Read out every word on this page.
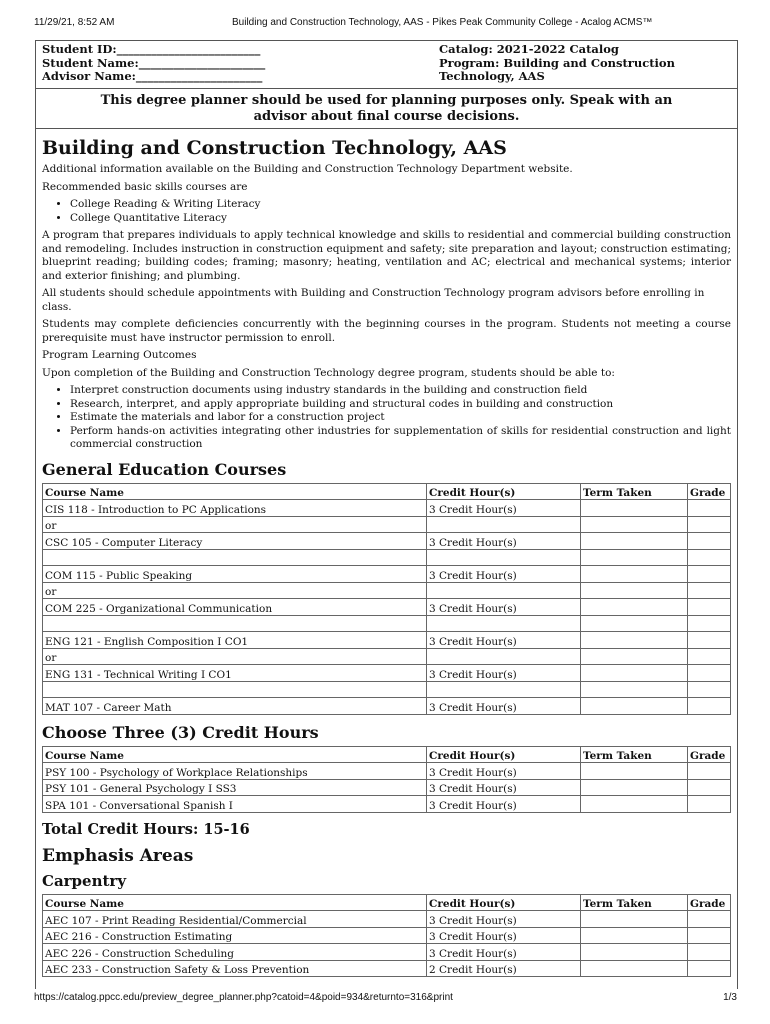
11/29/21, 8:52 AM	Building and Construction Technology, AAS - Pikes Peak Community College - Acalog ACMS™
Student ID:_________________________
Student Name:______________________
Advisor Name:______________________
Catalog: 2021-2022 Catalog
Program: Building and Construction Technology, AAS
This degree planner should be used for planning purposes only. Speak with an advisor about final course decisions.
Building and Construction Technology, AAS

Additional information available on the Building and Construction Technology Department website.

Recommended basic skills courses are

• College Reading & Writing Literacy
• College Quantitative Literacy

A program that prepares individuals to apply technical knowledge and skills to residential and commercial building construction and remodeling. Includes instruction in construction equipment and safety; site preparation and layout; construction estimating; blueprint reading; building codes; framing; masonry; heating, ventilation and AC; electrical and mechanical systems; interior and exterior finishing; and plumbing.

All students should schedule appointments with Building and Construction Technology program advisors before enrolling in class.

Students may complete deficiencies concurrently with the beginning courses in the program. Students not meeting a course prerequisite must have instructor permission to enroll.

Program Learning Outcomes

Upon completion of the Building and Construction Technology degree program, students should be able to:

• Interpret construction documents using industry standards in the building and construction field
• Research, interpret, and apply appropriate building and structural codes in building and construction
• Estimate the materials and labor for a construction project
• Perform hands-on activities integrating other industries for supplementation of skills for residential construction and light commercial construction
General Education Courses
Course Name	Credit Hour(s)	Term Taken	Grade
CIS 118 - Introduction to PC Applications	3 Credit Hour(s)		
or			
CSC 105 - Computer Literacy	3 Credit Hour(s)		

COM 115 - Public Speaking	3 Credit Hour(s)		
or			
COM 225 - Organizational Communication	3 Credit Hour(s)		

ENG 121 - English Composition I CO1	3 Credit Hour(s)		
or			
ENG 131 - Technical Writing I CO1	3 Credit Hour(s)		

MAT 107 - Career Math	3 Credit Hour(s)		
Choose Three (3) Credit Hours
Course Name	Credit Hour(s)	Term Taken	Grade
PSY 100 - Psychology of Workplace Relationships	3 Credit Hour(s)		
PSY 101 - General Psychology I SS3	3 Credit Hour(s)		
SPA 101 - Conversational Spanish I	3 Credit Hour(s)		
Total Credit Hours: 15-16
Emphasis Areas
Carpentry
Course Name	Credit Hour(s)	Term Taken	Grade
AEC 107 - Print Reading Residential/Commercial	3 Credit Hour(s)		
AEC 216 - Construction Estimating	3 Credit Hour(s)		
AEC 226 - Construction Scheduling	3 Credit Hour(s)		
AEC 233 - Construction Safety & Loss Prevention	2 Credit Hour(s)		
https://catalog.ppcc.edu/preview_degree_planner.php?catoid=4&poid=934&returnto=316&print	1/3
